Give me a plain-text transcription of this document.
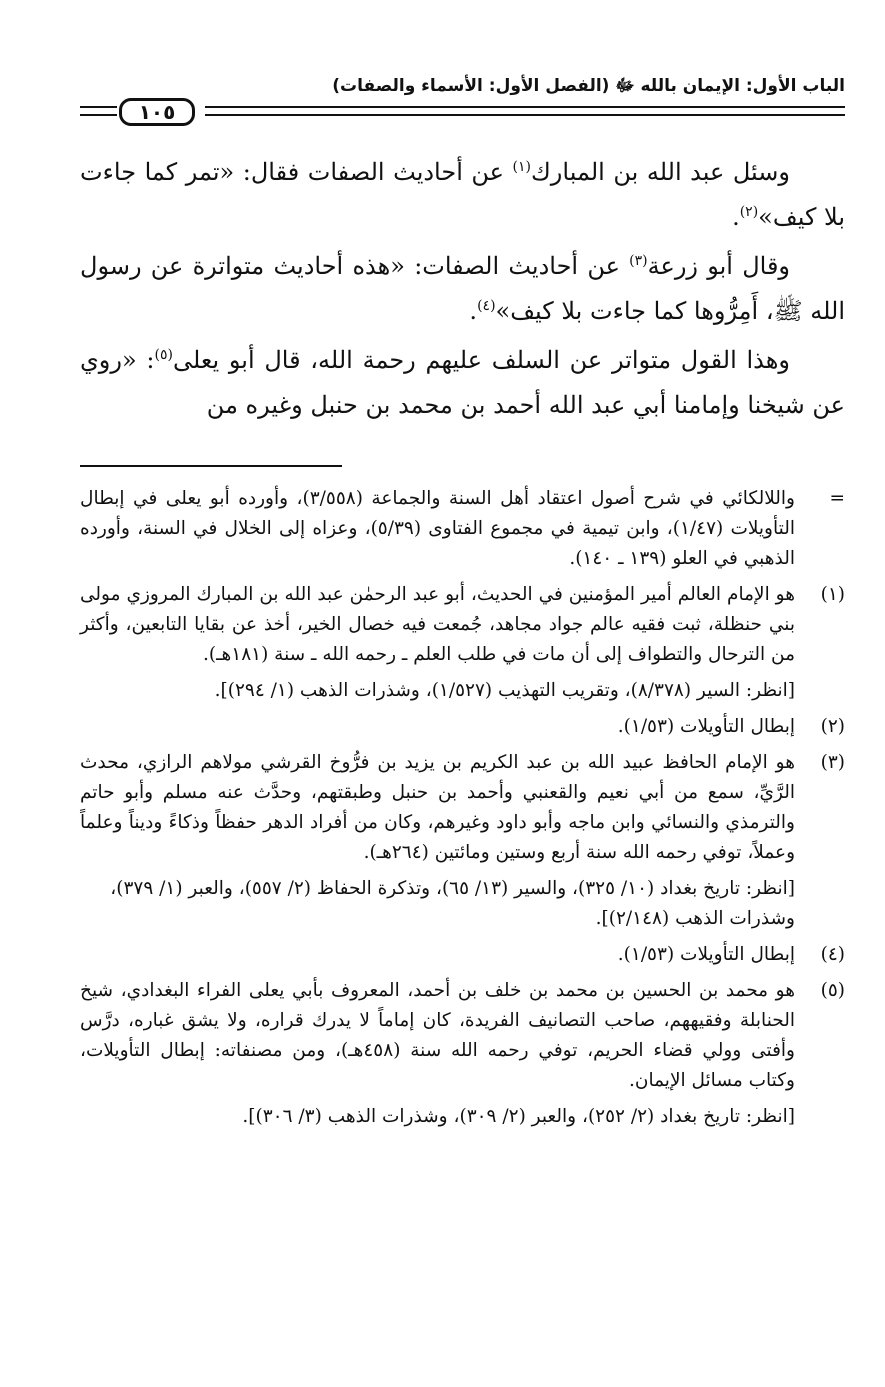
الباب الأول: الإيمان بالله ﷻ (الفصل الأول: الأسماء والصفات)
١٠٥

وسئل عبد الله بن المبارك$^{(١)}$ عن أحاديث الصفات فقال: «تمر كما جاءت بلا كيف»$^{(٢)}$.

وقال أبو زرعة$^{(٣)}$ عن أحاديث الصفات: «هذه أحاديث متواترة عن رسول الله ﷺ، أَمِرُّوها كما جاءت بلا كيف»$^{(٤)}$.

وهذا القول متواتر عن السلف عليهم رحمة الله، قال أبو يعلى$^{(٥)}$: «روي عن شيخنا وإمامنا أبي عبد الله أحمد بن محمد بن حنبل وغيره من

=
واللالكائي في شرح أصول اعتقاد أهل السنة والجماعة (٣/٥٥٨)، وأورده أبو يعلى في إبطال التأويلات (١/٤٧)، وابن تيمية في مجموع الفتاوى (٥/٣٩)، وعزاه إلى الخلال في السنة، وأورده الذهبي في العلو (١٣٩ ـ ١٤٠).
(١)
هو الإمام العالم أمير المؤمنين في الحديث، أبو عبد الرحمٰن عبد الله بن المبارك المروزي مولى بني حنظلة، ثبت فقيه عالم جواد مجاهد، جُمعت فيه خصال الخير، أخذ عن بقايا التابعين، وأكثر من الترحال والتطواف إلى أن مات في طلب العلم ـ رحمه الله ـ سنة (١٨١هـ).
[انظر: السير (٨/٣٧٨)، وتقريب التهذيب (١/٥٢٧)، وشذرات الذهب (١/ ٢٩٤)].
(٢)
إبطال التأويلات (١/٥٣).
(٣)
هو الإمام الحافظ عبيد الله بن عبد الكريم بن يزيد بن فرُّوخ القرشي مولاهم الرازي، محدث الرَّيِّ، سمع من أبي نعيم والقعنبي وأحمد بن حنبل وطبقتهم، وحدَّث عنه مسلم وأبو حاتم والترمذي والنسائي وابن ماجه وأبو داود وغيرهم، وكان من أفراد الدهر حفظاً وذكاءً وديناً وعلماً وعملاً، توفي رحمه الله سنة أربع وستين ومائتين (٢٦٤هـ).
[انظر: تاريخ بغداد (١٠/ ٣٢٥)، والسير (١٣/ ٦٥)، وتذكرة الحفاظ (٢/ ٥٥٧)، والعبر (١/ ٣٧٩)، وشذرات الذهب (٢/١٤٨)].
(٤)
إبطال التأويلات (١/٥٣).
(٥)
هو محمد بن الحسين بن محمد بن خلف بن أحمد، المعروف بأبي يعلى الفراء البغدادي، شيخ الحنابلة وفقيههم، صاحب التصانيف الفريدة، كان إماماً لا يدرك قراره، ولا يشق غباره، درَّس وأفتى وولي قضاء الحريم، توفي رحمه الله سنة (٤٥٨هـ)، ومن مصنفاته: إبطال التأويلات، وكتاب مسائل الإيمان.
[انظر: تاريخ بغداد (٢/ ٢٥٢)، والعبر (٢/ ٣٠٩)، وشذرات الذهب (٣/ ٣٠٦)].
